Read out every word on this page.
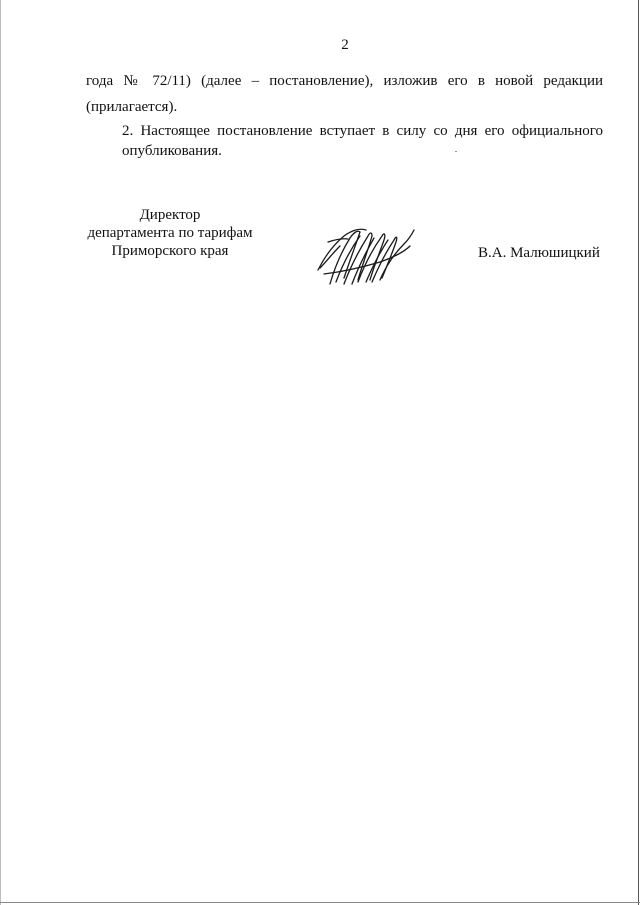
2

года № 72/11) (далее – постановление), изложив его в новой редакции

(прилагается).

2. Настоящее постановление вступает в силу со дня его официального
опубликования.
Директор
департамента по тарифам
Приморского края	В.А. Малюшицкий
